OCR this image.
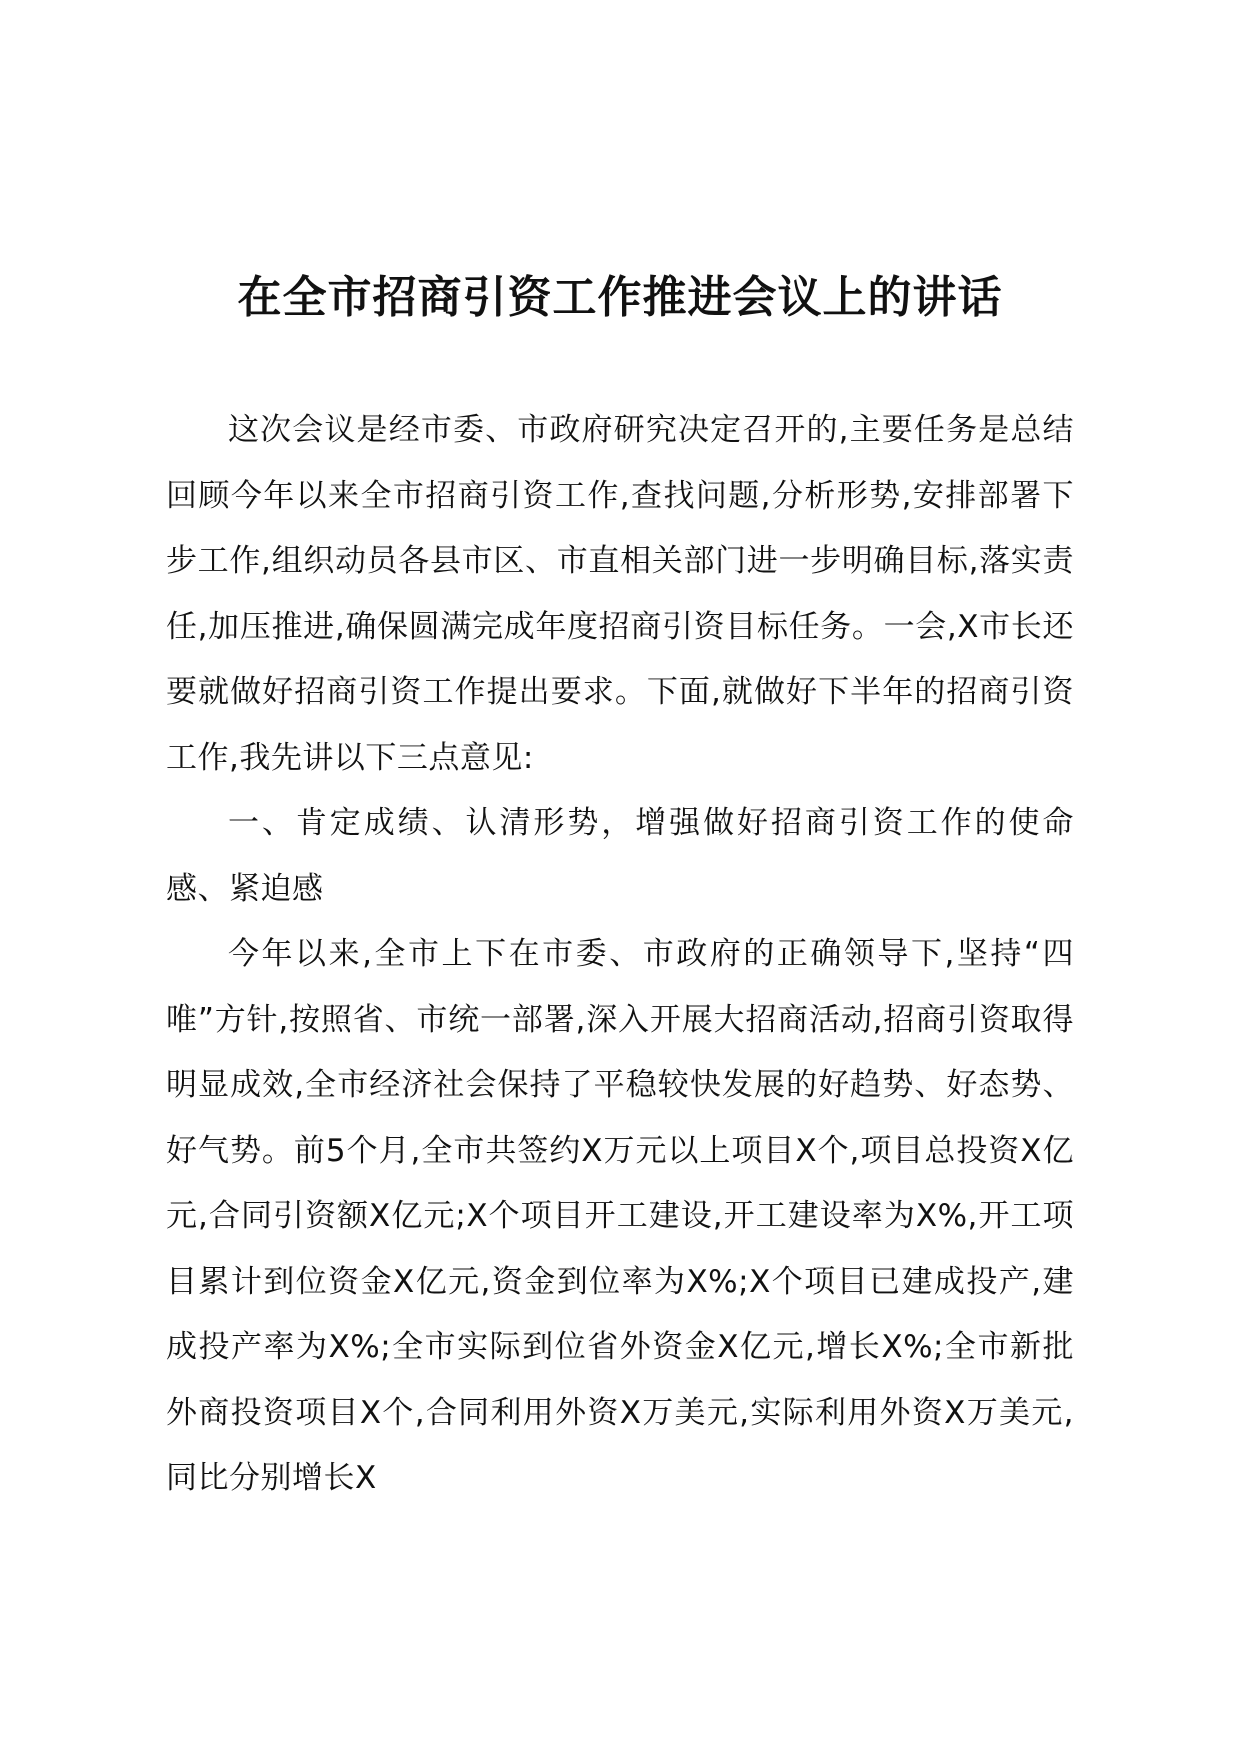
在全市招商引资工作推进会议上的讲话

这次会议是经市委、市政府研究决定召开的,主要任务是总结回顾今年以来全市招商引资工作,查找问题,分析形势,安排部署下步工作,组织动员各县市区、市直相关部门进一步明确目标,落实责任,加压推进,确保圆满完成年度招商引资目标任务。一会,X市长还要就做好招商引资工作提出要求。下面,就做好下半年的招商引资工作,我先讲以下三点意见:

一、肯定成绩、认清形势，增强做好招商引资工作的使命感、紧迫感

今年以来,全市上下在市委、市政府的正确领导下,坚持“四唯”方针,按照省、市统一部署,深入开展大招商活动,招商引资取得明显成效,全市经济社会保持了平稳较快发展的好趋势、好态势、好气势。前5个月,全市共签约X万元以上项目X个,项目总投资X亿元,合同引资额X亿元;X个项目开工建设,开工建设率为X%,开工项目累计到位资金X亿元,资金到位率为X%;X个项目已建成投产,建成投产率为X%;全市实际到位省外资金X亿元,增长X%;全市新批外商投资项目X个,合同利用外资X万美元,实际利用外资X万美元,同比分别增长X
